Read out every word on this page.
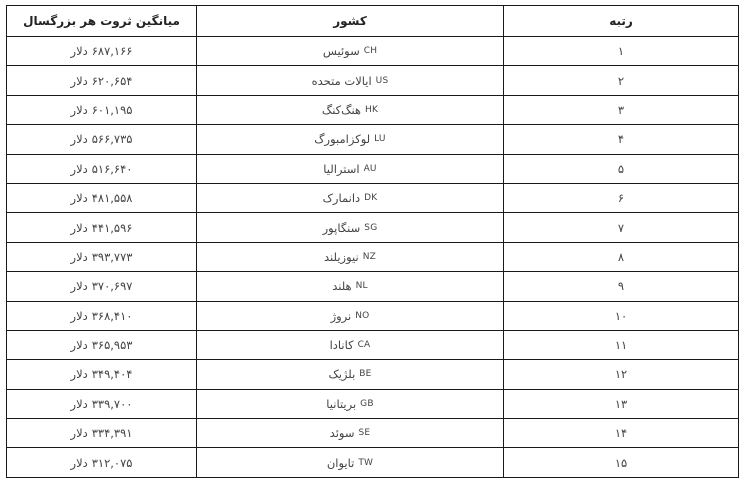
میانگین ثروت هر بزرگسال	کشور	رتبه

دلار ۶۸۷,۱۶۶	سوئیس CH	۱

دلار ۶۲۰,۶۵۴	ایالات متحده US	۲

دلار ۶۰۱,۱۹۵	هنگ‌کنگ HK	۳

دلار ۵۶۶,۷۳۵	لوکزامبورگ LU	۴

دلار ۵۱۶,۶۴۰	استرالیا AU	۵

دلار ۴۸۱,۵۵۸	دانمارک DK	۶

دلار ۴۴۱,۵۹۶	سنگاپور SG	۷

دلار ۳۹۳,۷۷۳	نیوزیلند NZ	۸

دلار ۳۷۰,۶۹۷	هلند NL	۹

دلار ۳۶۸,۴۱۰	نروژ NO	۱۰

دلار ۳۶۵,۹۵۳	کانادا CA	۱۱

دلار ۳۴۹,۴۰۴	بلژیک BE	۱۲

دلار ۳۳۹,۷۰۰	بریتانیا GB	۱۳

دلار ۳۳۴,۳۹۱	سوئد SE	۱۴

دلار ۳۱۲,۰۷۵	تایوان TW	۱۵
